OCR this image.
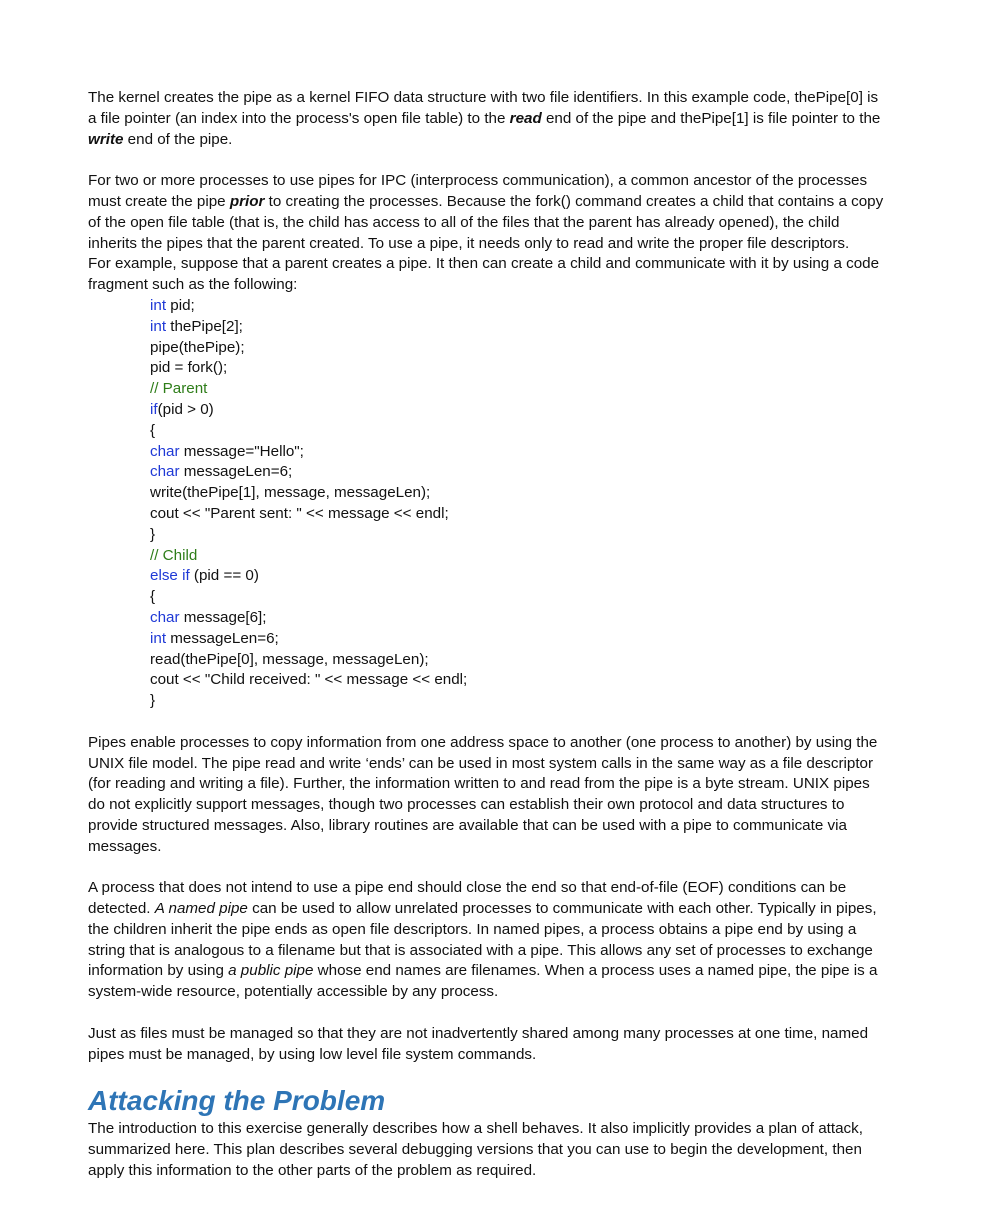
The kernel creates the pipe as a kernel FIFO data structure with two file identifiers. In this example code, thePipe[0] is a file pointer (an index into the process's open file table) to the read end of the pipe and thePipe[1] is file pointer to the write end of the pipe.

For two or more processes to use pipes for IPC (interprocess communication), a common ancestor of the processes must create the pipe prior to creating the processes. Because the fork() command creates a child that contains a copy of the open file table (that is, the child has access to all of the files that the parent has already opened), the child inherits the pipes that the parent created. To use a pipe, it needs only to read and write the proper file descriptors.

For example, suppose that a parent creates a pipe. It then can create a child and communicate with it by using a code fragment such as the following:

int pid;
int thePipe[2];
pipe(thePipe);
pid = fork();
// Parent
if(pid > 0)
{
char message="Hello";
char messageLen=6;
write(thePipe[1], message, messageLen);
cout << "Parent sent: " << message << endl;
}
// Child
else if (pid == 0)
{
char message[6];
int messageLen=6;
read(thePipe[0], message, messageLen);
cout << "Child received: " << message << endl;
}

Pipes enable processes to copy information from one address space to another (one process to another) by using the UNIX file model. The pipe read and write ‘ends’ can be used in most system calls in the same way as a file descriptor (for reading and writing a file). Further, the information written to and read from the pipe is a byte stream. UNIX pipes do not explicitly support messages, though two processes can establish their own protocol and data structures to provide structured messages. Also, library routines are available that can be used with a pipe to communicate via messages.

A process that does not intend to use a pipe end should close the end so that end-of-file (EOF) conditions can be detected. A named pipe can be used to allow unrelated processes to communicate with each other. Typically in pipes, the children inherit the pipe ends as open file descriptors. In named pipes, a process obtains a pipe end by using a string that is analogous to a filename but that is associated with a pipe. This allows any set of processes to exchange information by using a public pipe whose end names are filenames. When a process uses a named pipe, the pipe is a system-wide resource, potentially accessible by any process.

Just as files must be managed so that they are not inadvertently shared among many processes at one time, named pipes must be managed, by using low level file system commands.

Attacking the Problem

The introduction to this exercise generally describes how a shell behaves. It also implicitly provides a plan of attack, summarized here. This plan describes several debugging versions that you can use to begin the development, then apply this information to the other parts of the problem as required.
